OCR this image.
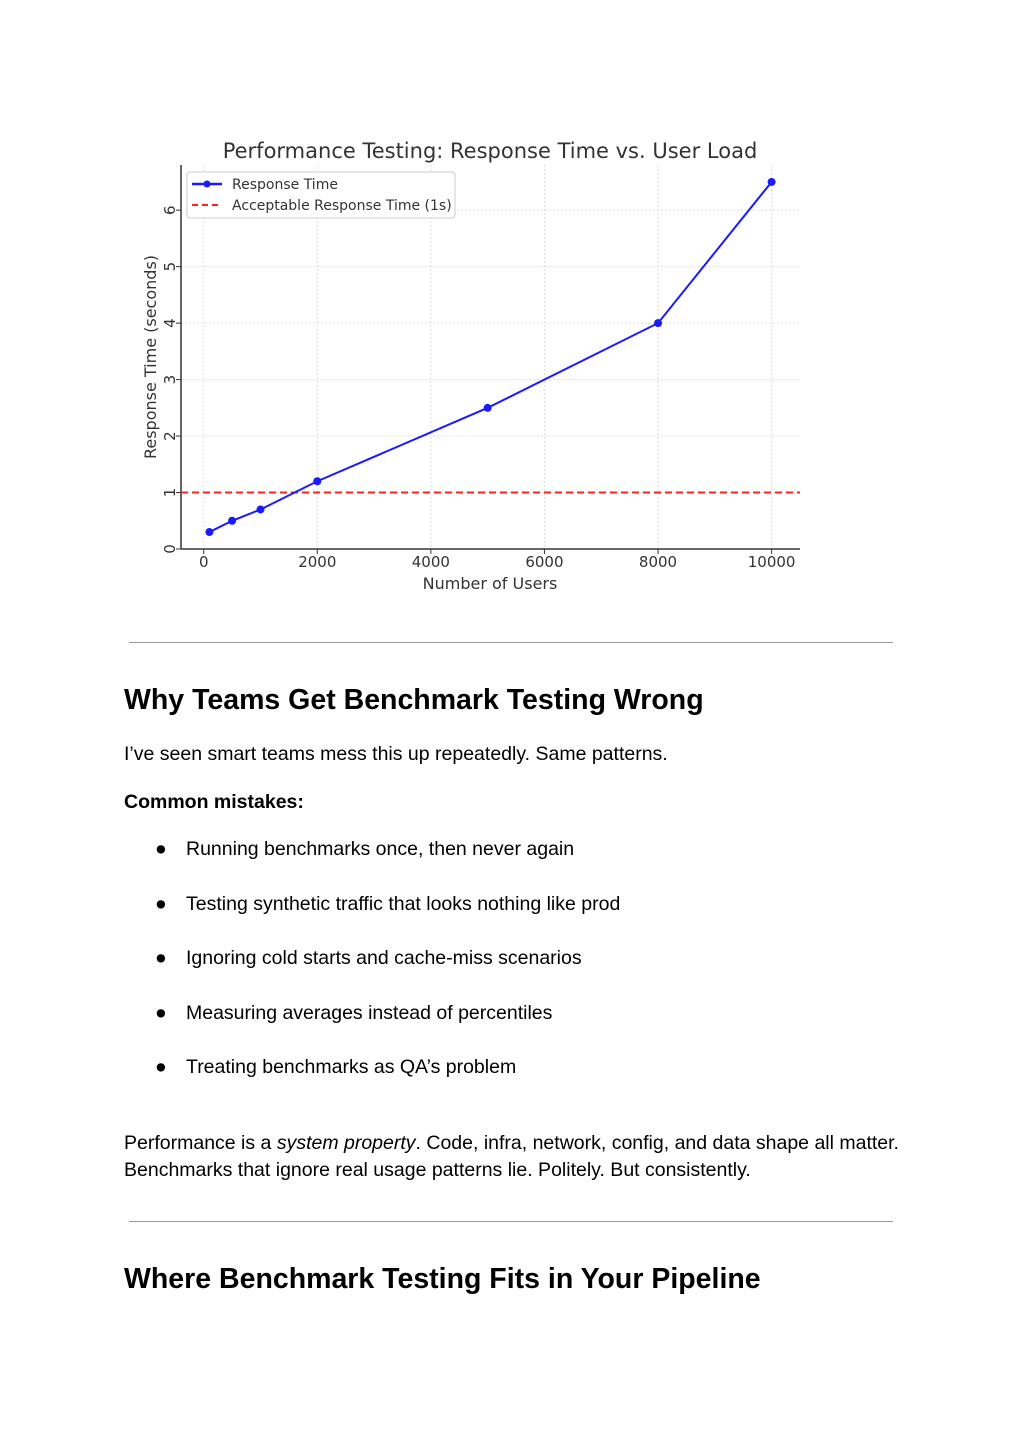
Performance Testing: Response Time vs. User Load
0	2000	4000	6000	8000	10000
0
1
2
3
4
5
6
Number of Users
Response Time (seconds)
Response Time
Acceptable Response Time (1s)
Why Teams Get Benchmark Testing Wrong

I’ve seen smart teams mess this up repeatedly. Same patterns.

Common mistakes:

● Running benchmarks once, then never again
● Testing synthetic traffic that looks nothing like prod
● Ignoring cold starts and cache-miss scenarios
● Measuring averages instead of percentiles
● Treating benchmarks as QA’s problem

Performance is a system property. Code, infra, network, config, and data shape all matter. Benchmarks that ignore real usage patterns lie. Politely. But consistently.

Where Benchmark Testing Fits in Your Pipeline
